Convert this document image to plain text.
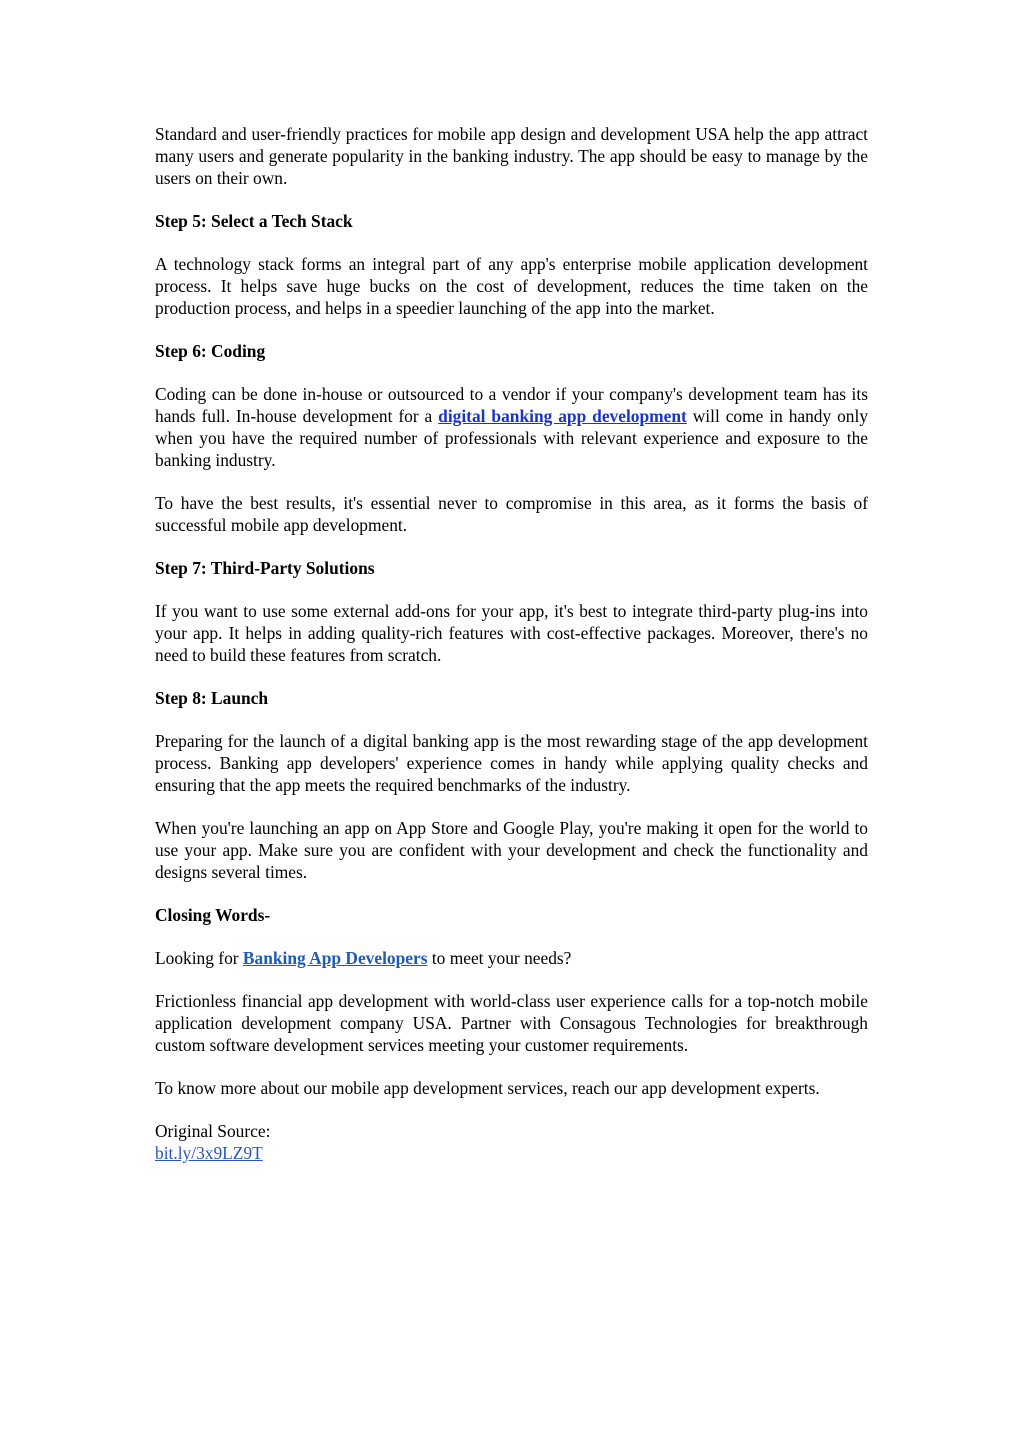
Standard and user-friendly practices for mobile app design and development USA help the app attract many users and generate popularity in the banking industry. The app should be easy to manage by the users on their own.

Step 5: Select a Tech Stack

A technology stack forms an integral part of any app's enterprise mobile application development process. It helps save huge bucks on the cost of development, reduces the time taken on the production process, and helps in a speedier launching of the app into the market.

Step 6: Coding

Coding can be done in-house or outsourced to a vendor if your company's development team has its hands full. In-house development for a digital banking app development will come in handy only when you have the required number of professionals with relevant experience and exposure to the banking industry.

To have the best results, it's essential never to compromise in this area, as it forms the basis of successful mobile app development.

Step 7: Third-Party Solutions

If you want to use some external add-ons for your app, it's best to integrate third-party plug-ins into your app. It helps in adding quality-rich features with cost-effective packages. Moreover, there's no need to build these features from scratch.

Step 8: Launch

Preparing for the launch of a digital banking app is the most rewarding stage of the app development process. Banking app developers' experience comes in handy while applying quality checks and ensuring that the app meets the required benchmarks of the industry.

When you're launching an app on App Store and Google Play, you're making it open for the world to use your app. Make sure you are confident with your development and check the functionality and designs several times.

Closing Words-

Looking for Banking App Developers to meet your needs?

Frictionless financial app development with world-class user experience calls for a top-notch mobile application development company USA. Partner with Consagous Technologies for breakthrough custom software development services meeting your customer requirements.

To know more about our mobile app development services, reach our app development experts.

Original Source:

bit.ly/3x9LZ9T
